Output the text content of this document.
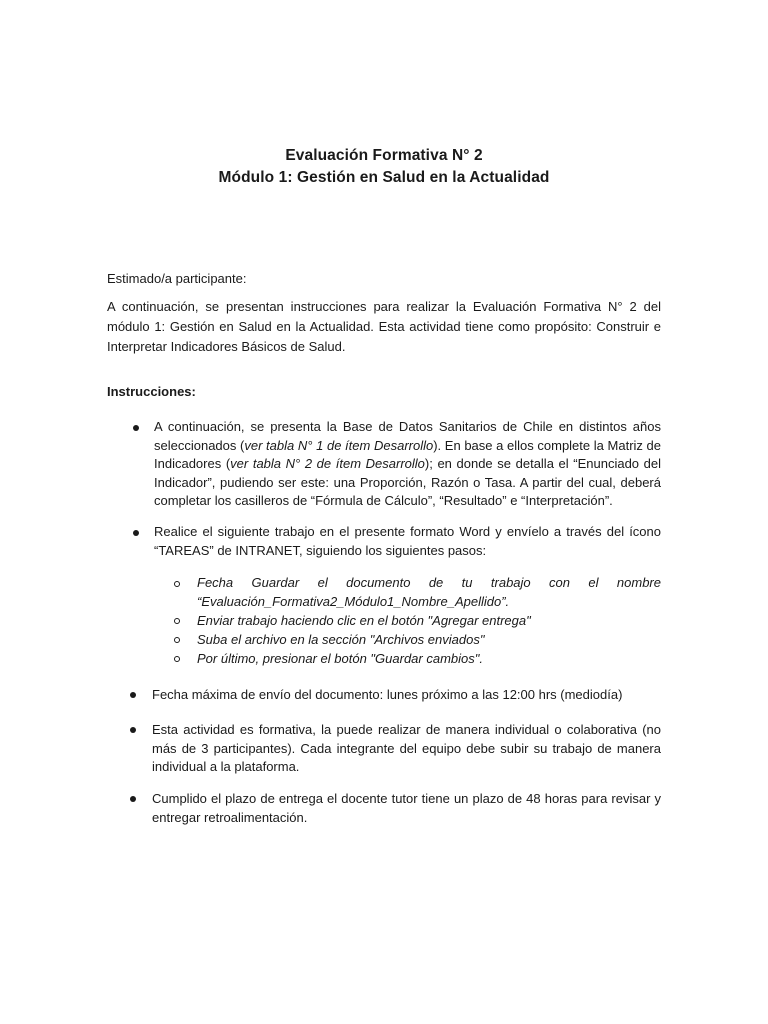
Evaluación Formativa N° 2
Módulo 1: Gestión en Salud en la Actualidad

Estimado/a participante:

A continuación, se presentan instrucciones para realizar la Evaluación Formativa N° 2 del módulo 1: Gestión en Salud en la Actualidad. Esta actividad tiene como propósito: Construir e Interpretar Indicadores Básicos de Salud.

Instrucciones:

A continuación, se presenta la Base de Datos Sanitarios de Chile en distintos años seleccionados (ver tabla N° 1 de ítem Desarrollo). En base a ellos complete la Matriz de Indicadores (ver tabla N° 2 de ítem Desarrollo); en donde se detalla el “Enunciado del Indicador”, pudiendo ser este: una Proporción, Razón o Tasa. A partir del cual, deberá completar los casilleros de “Fórmula de Cálculo”, “Resultado” e “Interpretación”.

Realice el siguiente trabajo en el presente formato Word y envíelo a través del ícono “TAREAS” de INTRANET, siguiendo los siguientes pasos:

Fecha Guardar el documento de tu trabajo con el nombre “Evaluación_Formativa2_Módulo1_Nombre_Apellido”.

Enviar trabajo haciendo clic en el botón "Agregar entrega"

Suba el archivo en la sección "Archivos enviados"

Por último, presionar el botón "Guardar cambios".

Fecha máxima de envío del documento: lunes próximo a las 12:00 hrs (mediodía)

Esta actividad es formativa, la puede realizar de manera individual o colaborativa (no más de 3 participantes). Cada integrante del equipo debe subir su trabajo de manera individual a la plataforma.

Cumplido el plazo de entrega el docente tutor tiene un plazo de 48 horas para revisar y entregar retroalimentación.
